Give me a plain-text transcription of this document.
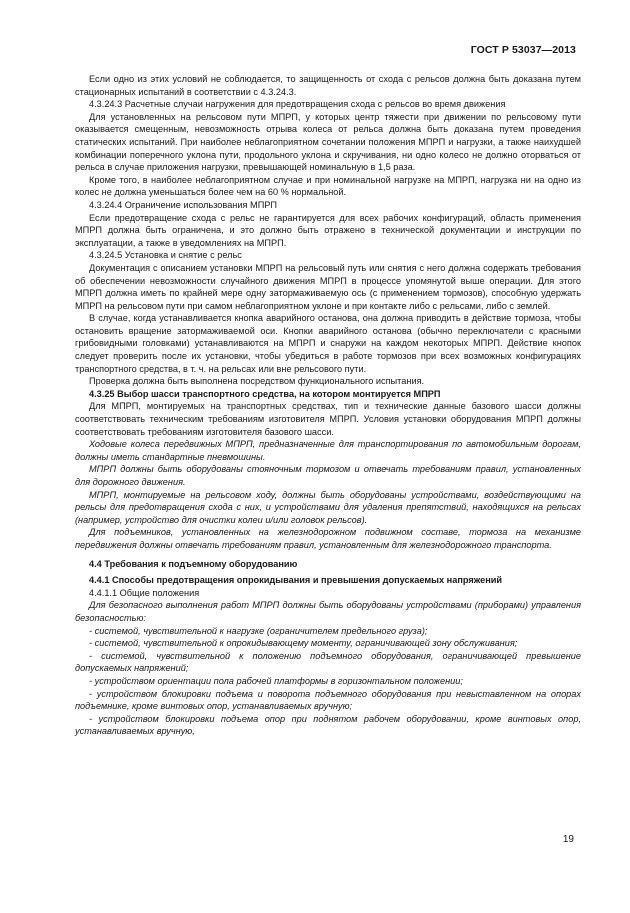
ГОСТ Р 53037—2013

Если одно из этих условий не соблюдается, то защищенность от схода с рельсов должна быть доказана путем стационарных испытаний в соответствии с 4.3.24.3.

4.3.24.3 Расчетные случаи нагружения для предотвращения схода с рельсов во время движения

Для установленных на рельсовом пути МПРП, у которых центр тяжести при движении по рельсовому пути оказывается смещенным, невозможность отрыва колеса от рельса должна быть доказана путем проведения статических испытаний. При наиболее неблагоприятном сочетании положения МПРП и нагрузки, а также наихудшей комбинации поперечного уклона пути, продольного уклона и скручивания, ни одно колесо не должно оторваться от рельса в случае приложения нагрузки, превышающей номинальную в 1,5 раза.

Кроме того, в наиболее неблагоприятном случае и при номинальной нагрузке на МПРП, нагрузка ни на одно из колес не должна уменьшаться более чем на 60 % нормальной.

4.3.24.4 Ограничение использования МПРП

Если предотвращение схода с рельс не гарантируется для всех рабочих конфигураций, область применения МПРП должна быть ограничена, и это должно быть отражено в технической документации и инструкции по эксплуатации, а также в уведомлениях на МПРП.

4.3.24.5 Установка и снятие с рельс

Документация с описанием установки МПРП на рельсовый путь или снятия с него должна содержать требования об обеспечении невозможности случайного движения МПРП в процессе упомянутой выше операции. Для этого МПРП должна иметь по крайней мере одну затормаживаемую ось (с применением тормозов), способную удержать МПРП на рельсовом пути при самом неблагоприятном уклоне и при контакте либо с рельсами, либо с землей.

В случае, когда устанавливается кнопка аварийного останова, она должна приводить в действие тормоза, чтобы остановить вращение затормаживаемой оси. Кнопки аварийного останова (обычно переключатели с красными грибовидными головками) устанавливаются на МПРП и снаружи на каждом некоторых МПРП. Действие кнопок следует проверить после их установки, чтобы убедиться в работе тормозов при всех возможных конфигурациях транспортного средства, в т. ч. на рельсах или вне рельсового пути.

Проверка должна быть выполнена посредством функционального испытания.

4.3.25 Выбор шасси транспортного средства, на котором монтируется МПРП

Для МПРП, монтируемых на транспортных средствах, тип и технические данные базового шасси должны соответствовать техническим требованиям изготовителя МПРП. Условия установки оборудования МПРП должны соответствовать требованиям изготовителя базового шасси.

Ходовые колеса передвижных МПРП, предназначенные для транспортирования по автомобильным дорогам, должны иметь стандартные пневмошины.

МПРП должны быть оборудованы стояночным тормозом и отвечать требованиям правил, установленных для дорожного движения.

МПРП, монтируемые на рельсовом ходу, должны быть оборудованы устройствами, воздействующими на рельсы для предотвращения схода с них, и устройствами для удаления препятствий, находящихся на рельсах (например, устройство для очистки колеи и/или головок рельсов).

Для подъемников, установленных на железнодорожном подвижном составе, тормоза на механизме передвижения должны отвечать требованиям правил, установленным для железнодорожного транспорта.

4.4 Требования к подъемному оборудованию

4.4.1 Способы предотвращения опрокидывания и превышения допускаемых напряжений

4.4.1.1 Общие положения

Для безопасного выполнения работ МПРП должны быть оборудованы устройствами (приборами) управления безопасностью:

- системой, чувствительной к нагрузке (ограничителем предельного груза);

- системой, чувствительной к опрокидывающему моменту, ограничивающей зону обслуживания;

- системой, чувствительной к положению подъемного оборудования, ограничивающей превышение допускаемых напряжений;

- устройством ориентации пола рабочей платформы в горизонтальном положении;

- устройством блокировки подъема и поворота подъемного оборудования при невыставленном на опорах подъемнике, кроме винтовых опор, устанавливаемых вручную;

- устройством блокировки подъема опор при поднятом рабочем оборудовании, кроме винтовых опор, устанавливаемых вручную,

19
